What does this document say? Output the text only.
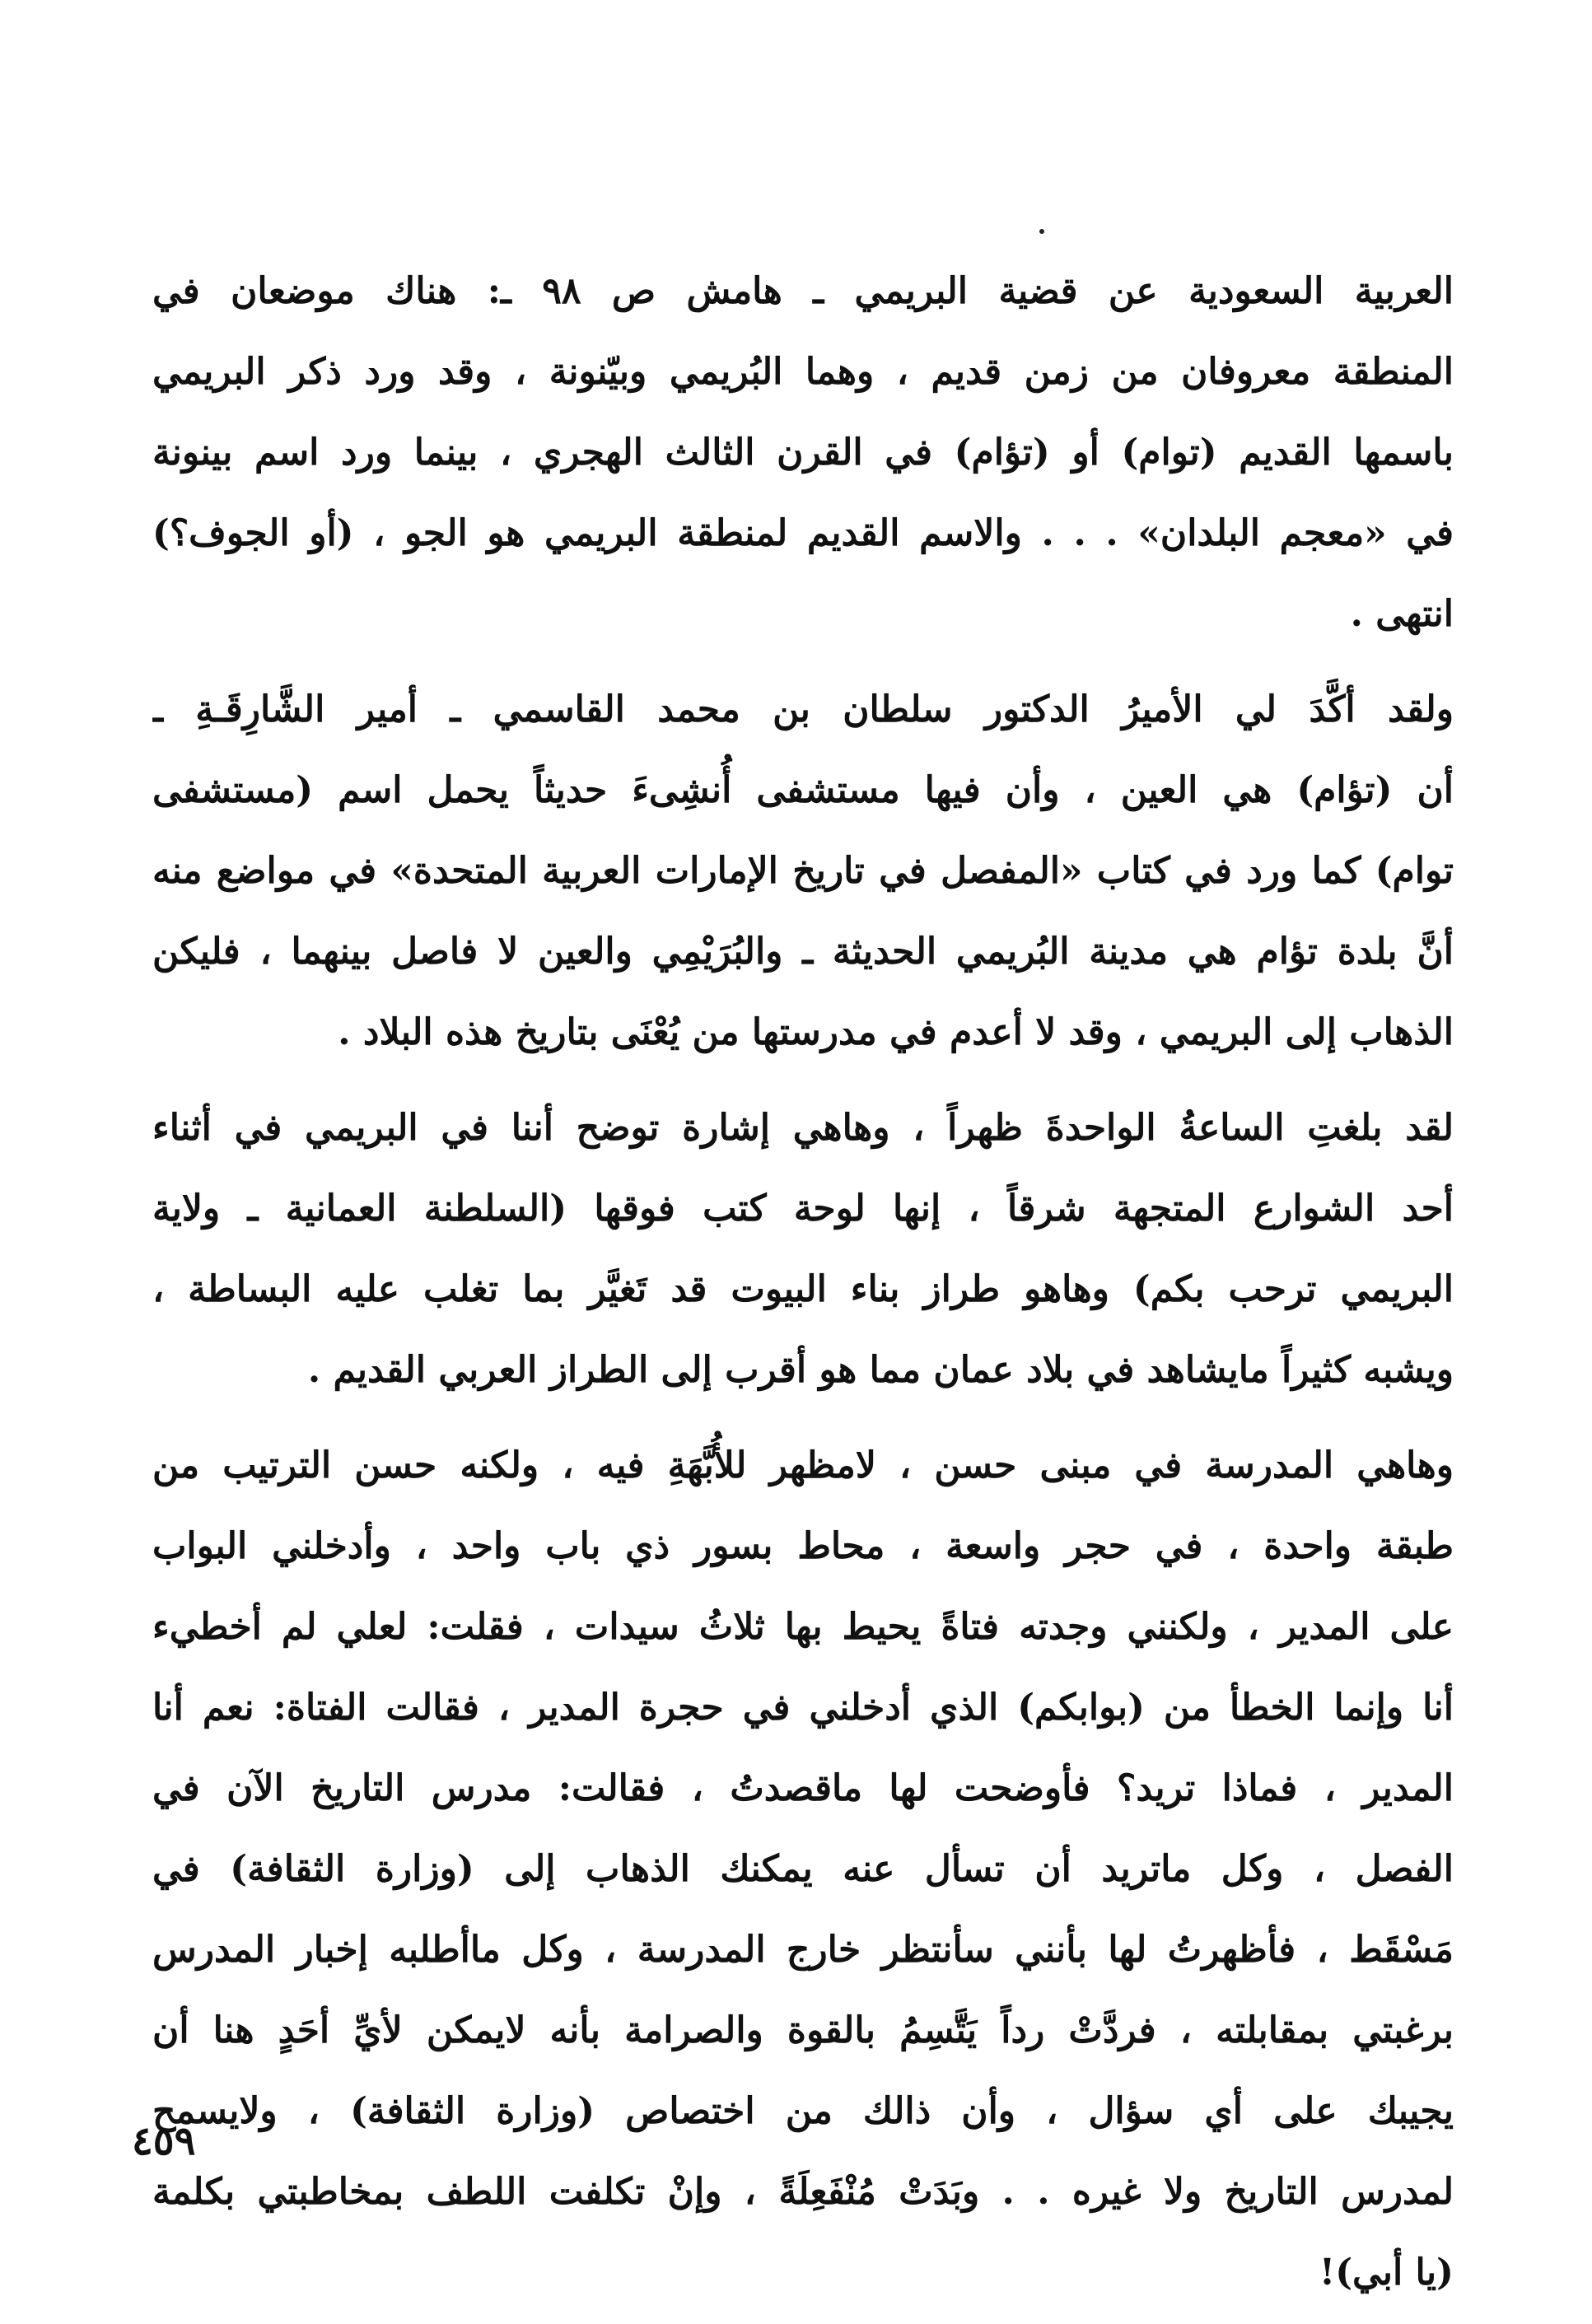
العربية السعودية عن قضية البريمي ـ هامش ص ٩٨ ـ: هناك موضعان في
المنطقة معروفان من زمن قديم ، وهما البُريمي وبيّنونة ، وقد ورد ذكر البريمي
باسمها القديم (توام) أو (تؤام) في القرن الثالث الهجري ، بينما ورد اسم بينونة
في «معجم البلدان» . . . والاسم القديم لمنطقة البريمي هو الجو ، (أو الجوف؟)
انتهى .
ولقد أكَّدَ لي الأميرُ الدكتور سلطان بن محمد القاسمي ـ أمير الشَّارِقَـةِ ـ
أن (تؤام) هي العين ، وأن فيها مستشفى أُنشِىءَ حديثاً يحمل اسم (مستشفى
توام) كما ورد في كتاب «المفصل في تاريخ الإمارات العربية المتحدة» في مواضع منه
أنَّ بلدة تؤام هي مدينة البُريمي الحديثة ـ والبُرَيْمِي والعين لا فاصل بينهما ، فليكن
الذهاب إلى البريمي ، وقد لا أعدم في مدرستها من يُعْنَى بتاريخ هذه البلاد .
لقد بلغتِ الساعةُ الواحدةَ ظهراً ، وهاهي إشارة توضح أننا في البريمي في أثناء
أحد الشوارع المتجهة شرقاً ، إنها لوحة كتب فوقها (السلطنة العمانية ـ ولاية
البريمي ترحب بكم) وهاهو طراز بناء البيوت قد تَغيَّر بما تغلب عليه البساطة ،
ويشبه كثيراً مايشاهد في بلاد عمان مما هو أقرب إلى الطراز العربي القديم .
وهاهي المدرسة في مبنى حسن ، لامظهر للأُبَّهَةِ فيه ، ولكنه حسن الترتيب من
طبقة واحدة ، في حجر واسعة ، محاط بسور ذي باب واحد ، وأدخلني البواب
على المدير ، ولكنني وجدته فتاةً يحيط بها ثلاثُ سيدات ، فقلت: لعلي لم أخطيء
أنا وإنما الخطأ من (بوابكم) الذي أدخلني في حجرة المدير ، فقالت الفتاة: نعم أنا
المدير ، فماذا تريد؟ فأوضحت لها ماقصدتُ ، فقالت: مدرس التاريخ الآن في
الفصل ، وكل ماتريد أن تسأل عنه يمكنك الذهاب إلى (وزارة الثقافة) في
مَسْقَط ، فأظهرتُ لها بأنني سأنتظر خارج المدرسة ، وكل ماأطلبه إخبار المدرس
برغبتي بمقابلته ، فردَّتْ رداً يَتَّسِمُ بالقوة والصرامة بأنه لايمكن لأيِّ أحَدٍ هنا أن
يجيبك على أي سؤال ، وأن ذالك من اختصاص (وزارة الثقافة) ، ولايسمح
لمدرس التاريخ ولا غيره . . وبَدَتْ مُنْفَعِلَةً ، وإنْ تكلفت اللطف بمخاطبتي بكلمة
(يا أبي)!
٤٥٩
